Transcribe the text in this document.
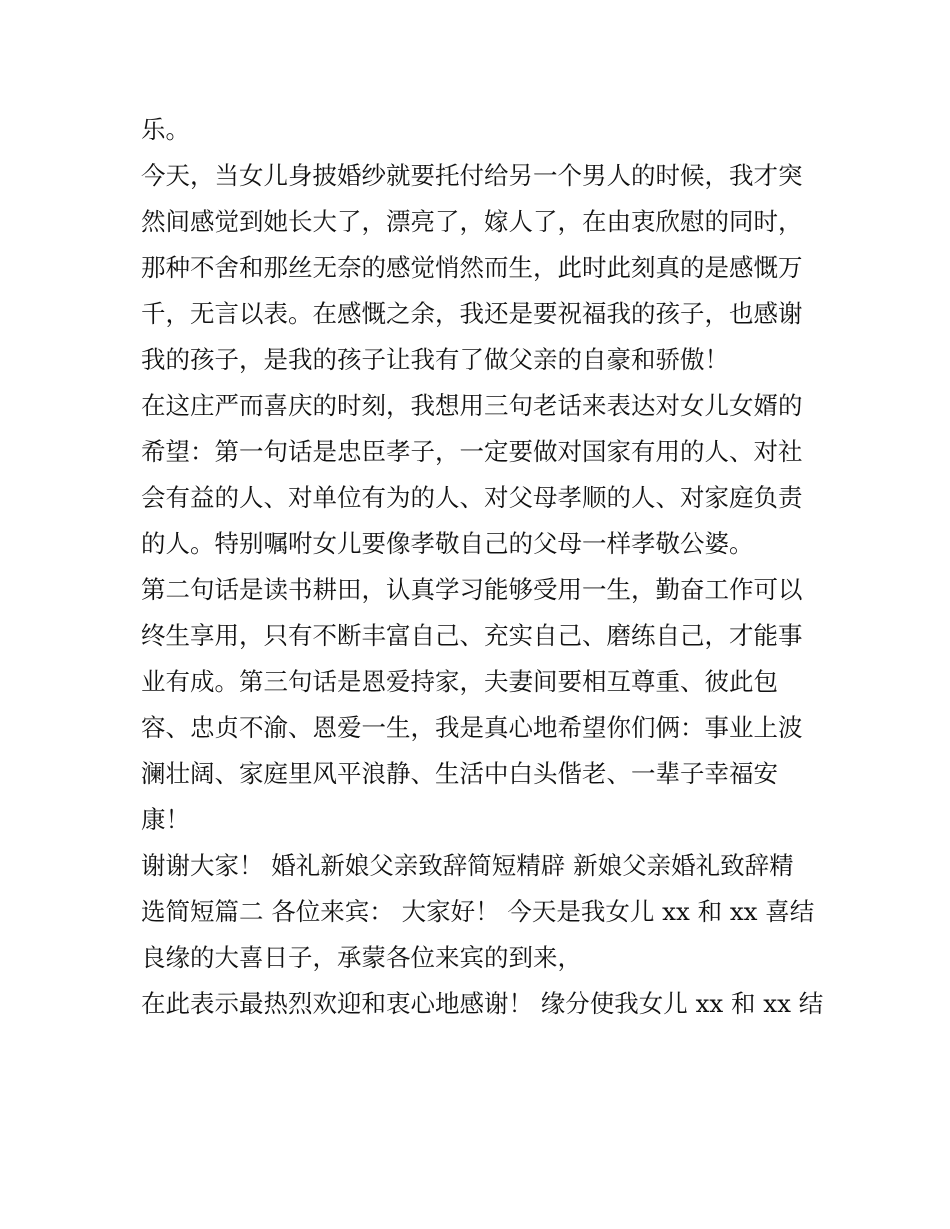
乐。
今天，当女儿身披婚纱就要托付给另一个男人的时候，我才突
然间感觉到她长大了，漂亮了，嫁人了，在由衷欣慰的同时，
那种不舍和那丝无奈的感觉悄然而生，此时此刻真的是感慨万
千，无言以表。在感慨之余，我还是要祝福我的孩子，也感谢
我的孩子，是我的孩子让我有了做父亲的自豪和骄傲！
在这庄严而喜庆的时刻，我想用三句老话来表达对女儿女婿的
希望：第一句话是忠臣孝子，一定要做对国家有用的人、对社
会有益的人、对单位有为的人、对父母孝顺的人、对家庭负责
的人。特别嘱咐女儿要像孝敬自己的父母一样孝敬公婆。
第二句话是读书耕田，认真学习能够受用一生，勤奋工作可以
终生享用，只有不断丰富自己、充实自己、磨练自己，才能事
业有成。第三句话是恩爱持家，夫妻间要相互尊重、彼此包
容、忠贞不渝、恩爱一生，我是真心地希望你们俩：事业上波
澜壮阔、家庭里风平浪静、生活中白头偕老、一辈子幸福安
康！
谢谢大家！ 婚礼新娘父亲致辞简短精辟 新娘父亲婚礼致辞精
选简短篇二 各位来宾： 大家好！ 今天是我女儿 xx 和 xx 喜结
良缘的大喜日子，承蒙各位来宾的到来，
在此表示最热烈欢迎和衷心地感谢！ 缘分使我女儿 xx 和 xx 结
